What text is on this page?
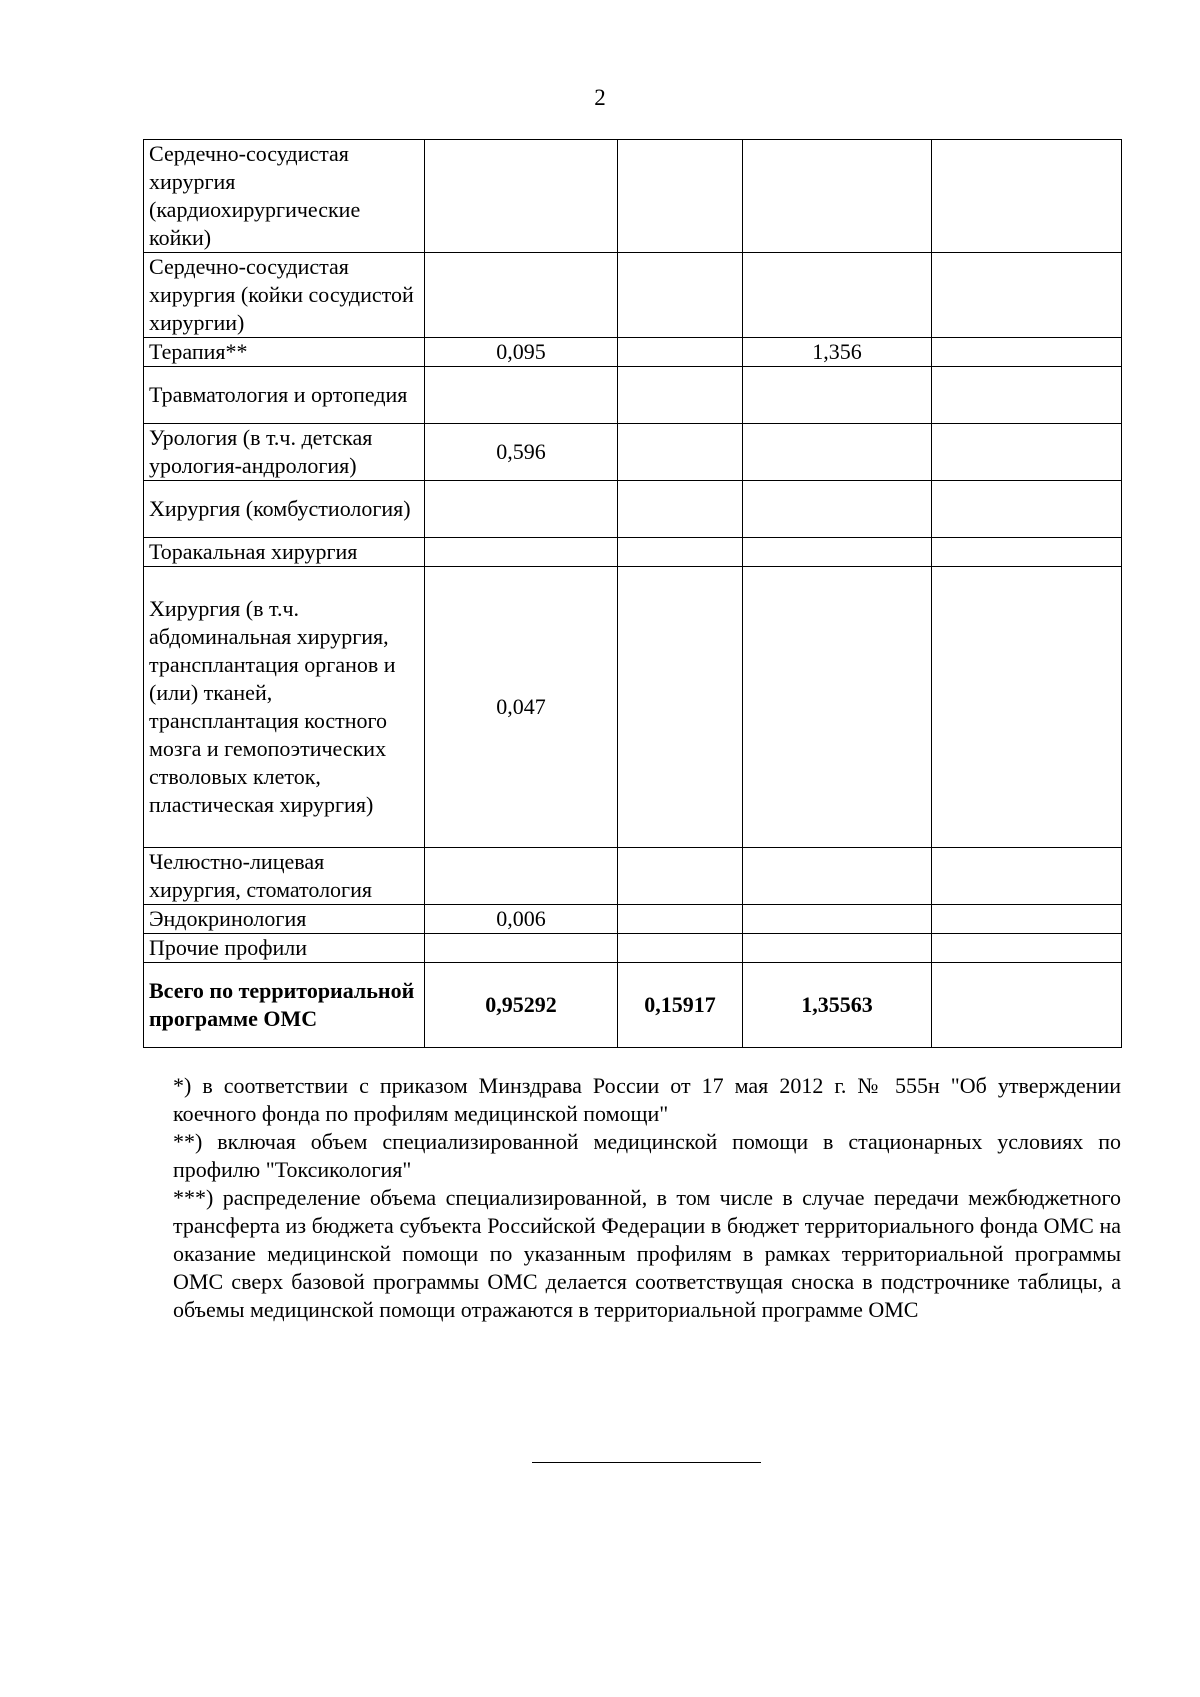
2
Сердечно-сосудистая хирургия (кардиохирургические койки)				
Сердечно-сосудистая хирургия (койки сосудистой хирургии)				
Терапия**	0,095		1,356	
Травматология и ортопедия				
Урология (в т.ч. детская урология-андрология)	0,596			
Хирургия (комбустиология)				
Торакальная хирургия				
Хирургия (в т.ч. абдоминальная хирургия, трансплантация органов и (или) тканей, трансплантация костного мозга и гемопоэтических стволовых клеток, пластическая хирургия)	0,047			
Челюстно-лицевая хирургия, стоматология				
Эндокринология	0,006			
Прочие профили				
Всего по территориальной программе ОМС	0,95292	0,15917	1,35563	

*) в соответствии с приказом Минздрава России от 17 мая 2012 г. № 555н "Об утверждении коечного фонда по профилям медицинской помощи"

**) включая объем специализированной медицинской помощи в стационарных условиях по профилю "Токсикология"

***) распределение объема специализированной, в том числе в случае передачи межбюджетного трансферта из бюджета субъекта Российской Федерации в бюджет территориального фонда ОМС на оказание медицинской помощи по указанным профилям в рамках территориальной программы ОМС сверх базовой программы ОМС делается соответствущая сноска в подстрочнике таблицы, а объемы медицинской помощи отражаются в территориальной программе ОМС
